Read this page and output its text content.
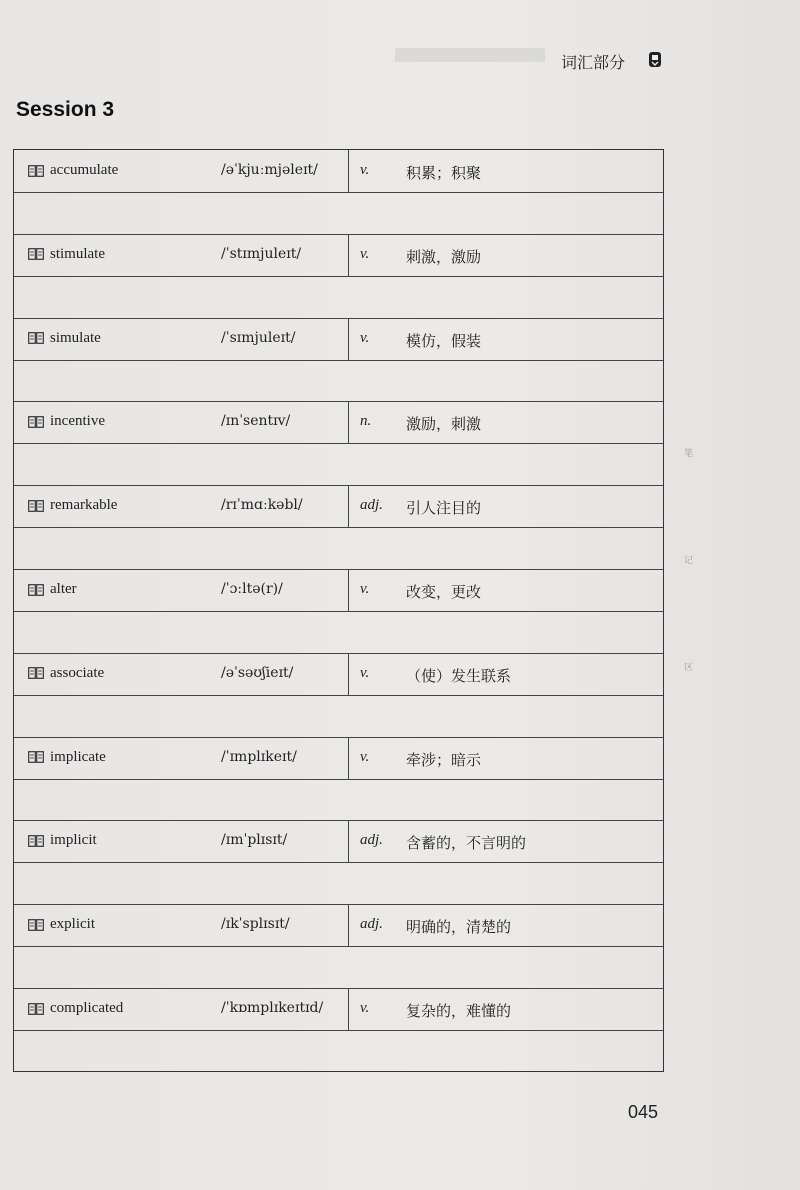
词汇部分
Session 3
accumulate	/əˈkjuːmjəleɪt/	v. 积累；积聚
stimulate	/ˈstɪmjuleɪt/	v. 刺激，激励
simulate	/ˈsɪmjuleɪt/	v. 模仿，假装
incentive	/ɪnˈsentɪv/	n. 激励，刺激
remarkable	/rɪˈmɑːkəbl/	adj. 引人注目的
alter	/ˈɔːltə(r)/	v. 改变，更改
associate	/əˈsəʊʃieɪt/	v. （使）发生联系
implicate	/ˈɪmplɪkeɪt/	v. 牵涉；暗示
implicit	/ɪmˈplɪsɪt/	adj. 含蓄的，不言明的
explicit	/ɪkˈsplɪsɪt/	adj. 明确的，清楚的
complicated	/ˈkɒmplɪkeɪtɪd/ v. 复杂的，难懂的
笔
记
区
045
